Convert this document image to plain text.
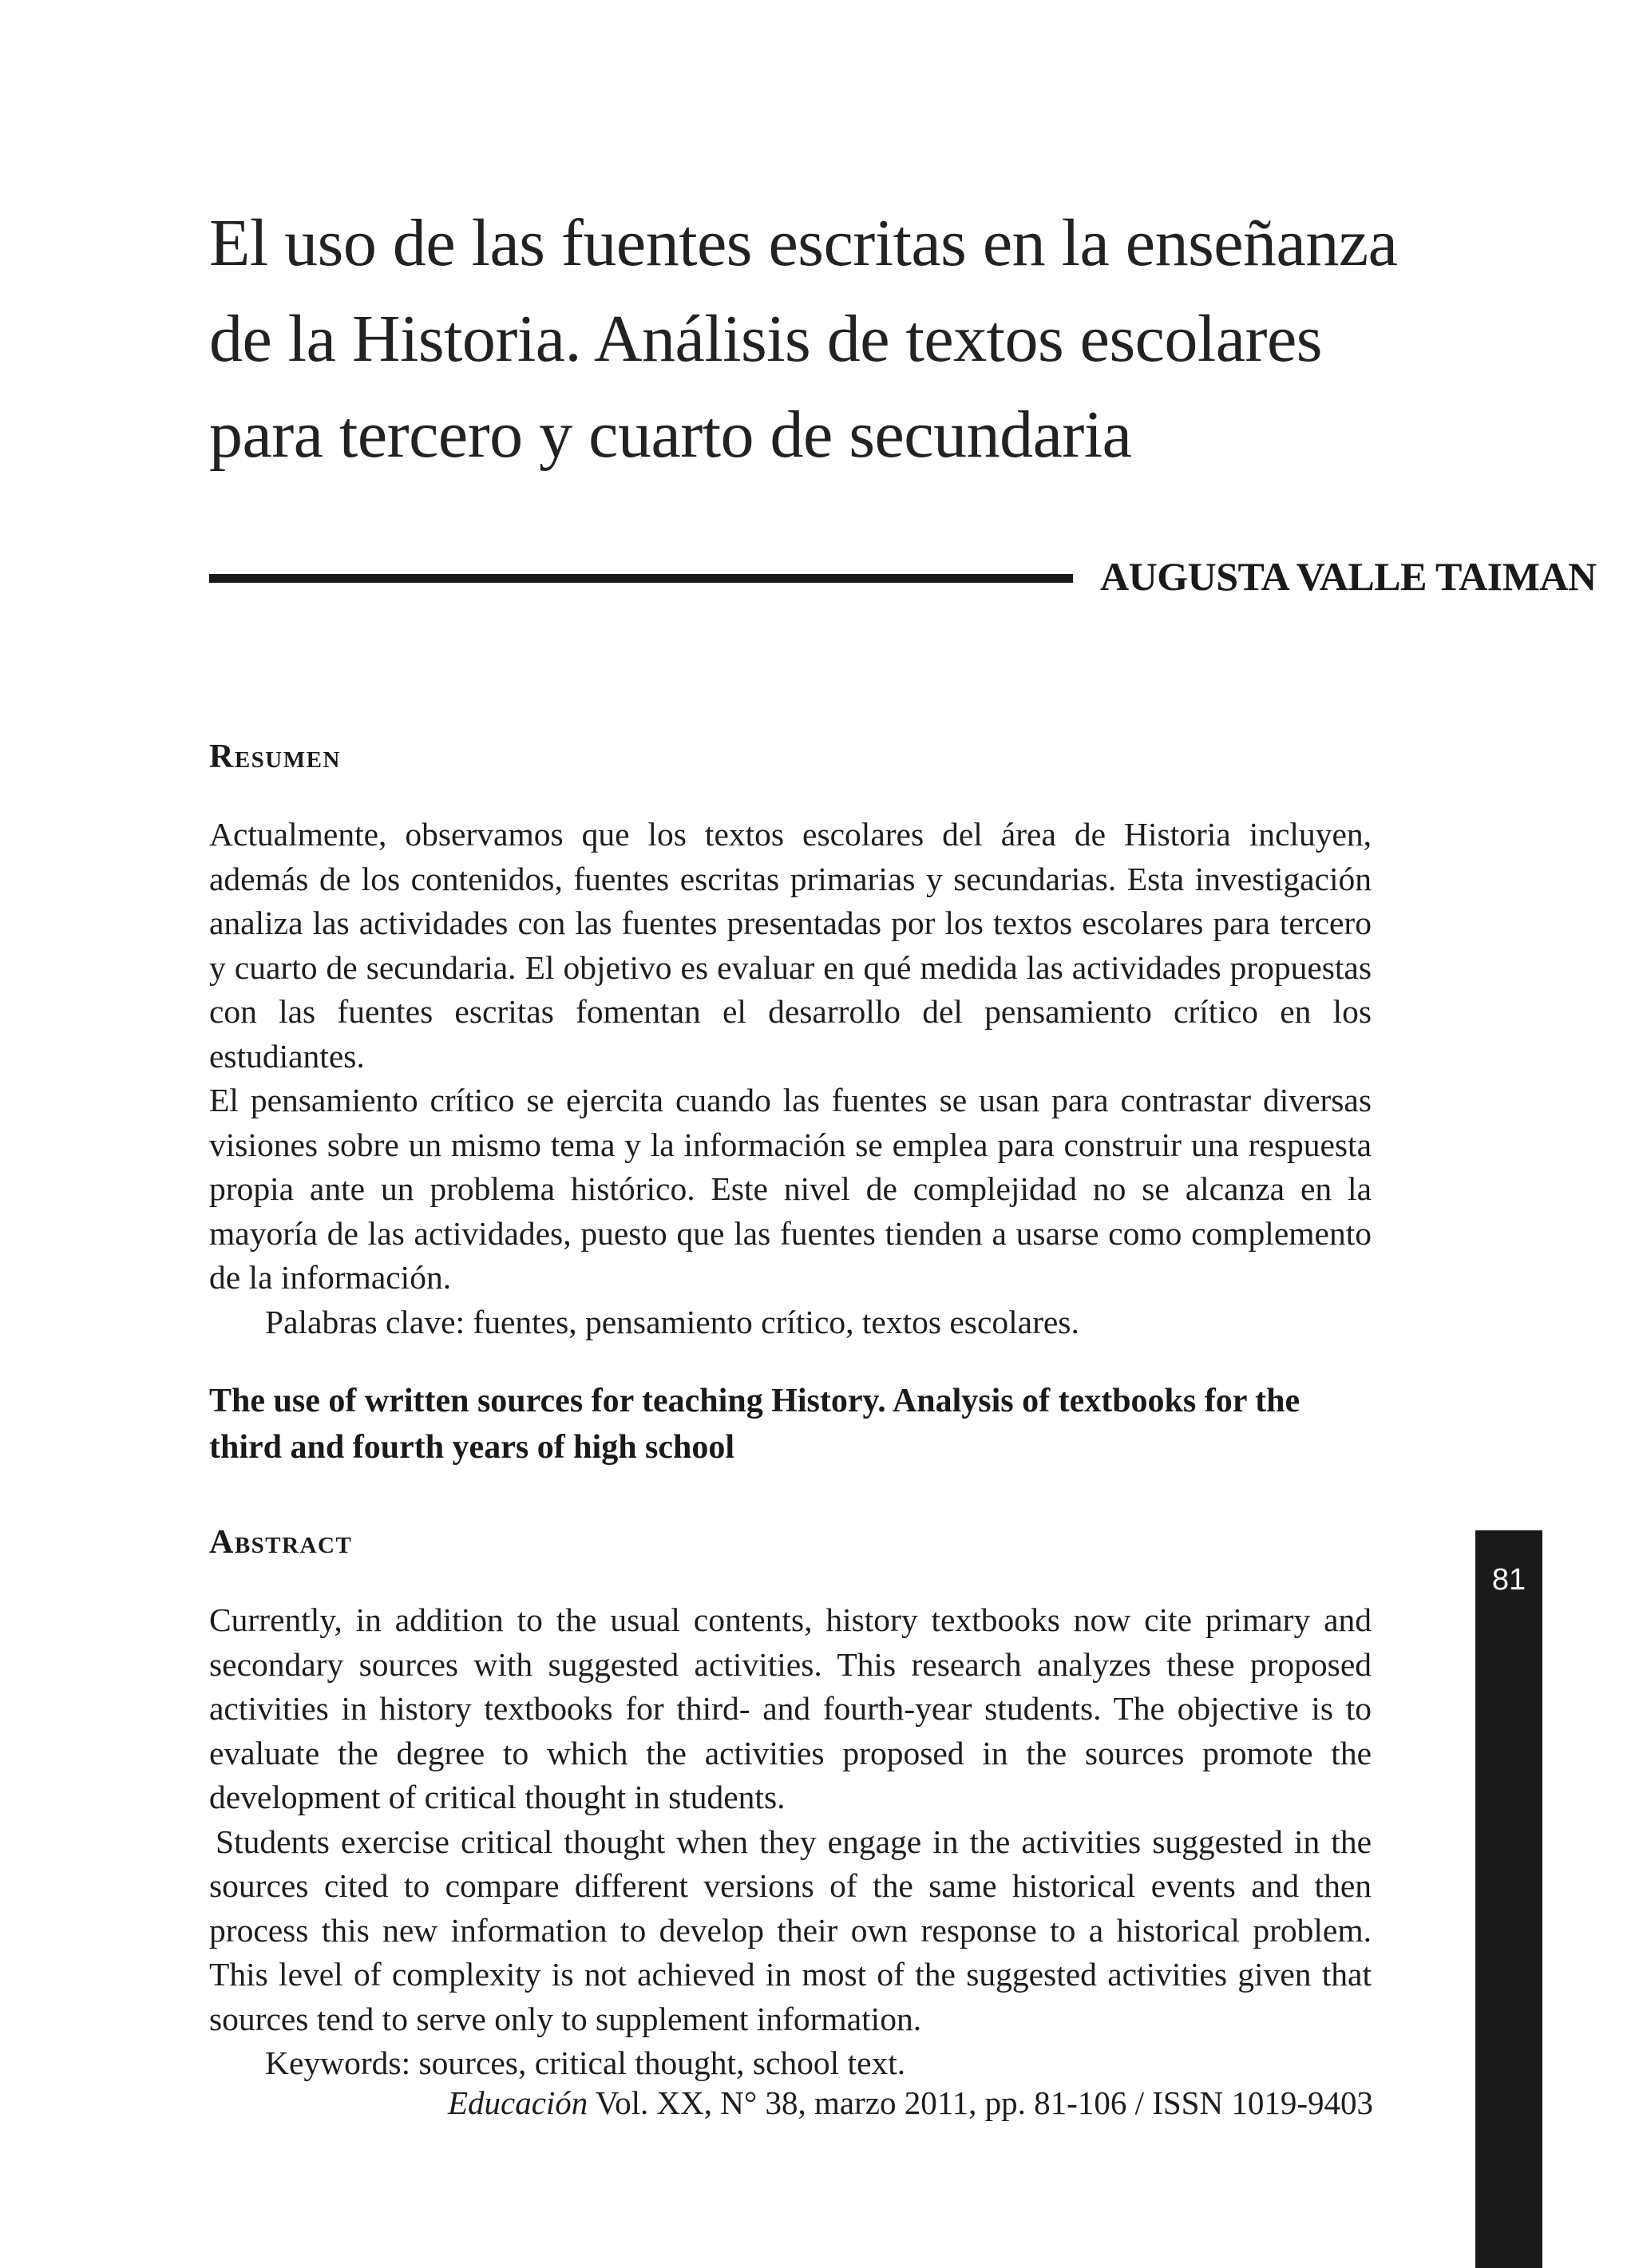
El uso de las fuentes escritas en la enseñanza
de la Historia. Análisis de textos escolares
para tercero y cuarto de secundaria
AUGUSTA VALLE TAIMAN
Resumen

Actualmente, observamos que los textos escolares del área de Historia incluyen, además de los contenidos, fuentes escritas primarias y secundarias. Esta investigación analiza las actividades con las fuentes presentadas por los textos escolares para tercero y cuarto de secundaria. El objetivo es evaluar en qué medida las actividades propuestas con las fuentes escritas fomentan el desarrollo del pensamiento crítico en los estudiantes.

El pensamiento crítico se ejercita cuando las fuentes se usan para contrastar diversas visiones sobre un mismo tema y la información se emplea para construir una respuesta propia ante un problema histórico. Este nivel de complejidad no se alcanza en la mayoría de las actividades, puesto que las fuentes tienden a usarse como complemento de la información.

Palabras clave: fuentes, pensamiento crítico, textos escolares.

The use of written sources for teaching History. Analysis of textbooks for the third and fourth years of high school
Abstract

Currently, in addition to the usual contents, history textbooks now cite primary and secondary sources with suggested activities. This research analyzes these proposed activities in history textbooks for third- and fourth-year students. The objective is to evaluate the degree to which the activities proposed in the sources promote the development of critical thought in students.

Students exercise critical thought when they engage in the activities suggested in the sources cited to compare different versions of the same historical events and then process this new information to develop their own response to a historical problem. This level of complexity is not achieved in most of the suggested activities given that sources tend to serve only to supplement information.

Keywords: sources, critical thought, school text.

Educación Vol. XX, N° 38, marzo 2011, pp. 81-106 / ISSN 1019-9403
81
